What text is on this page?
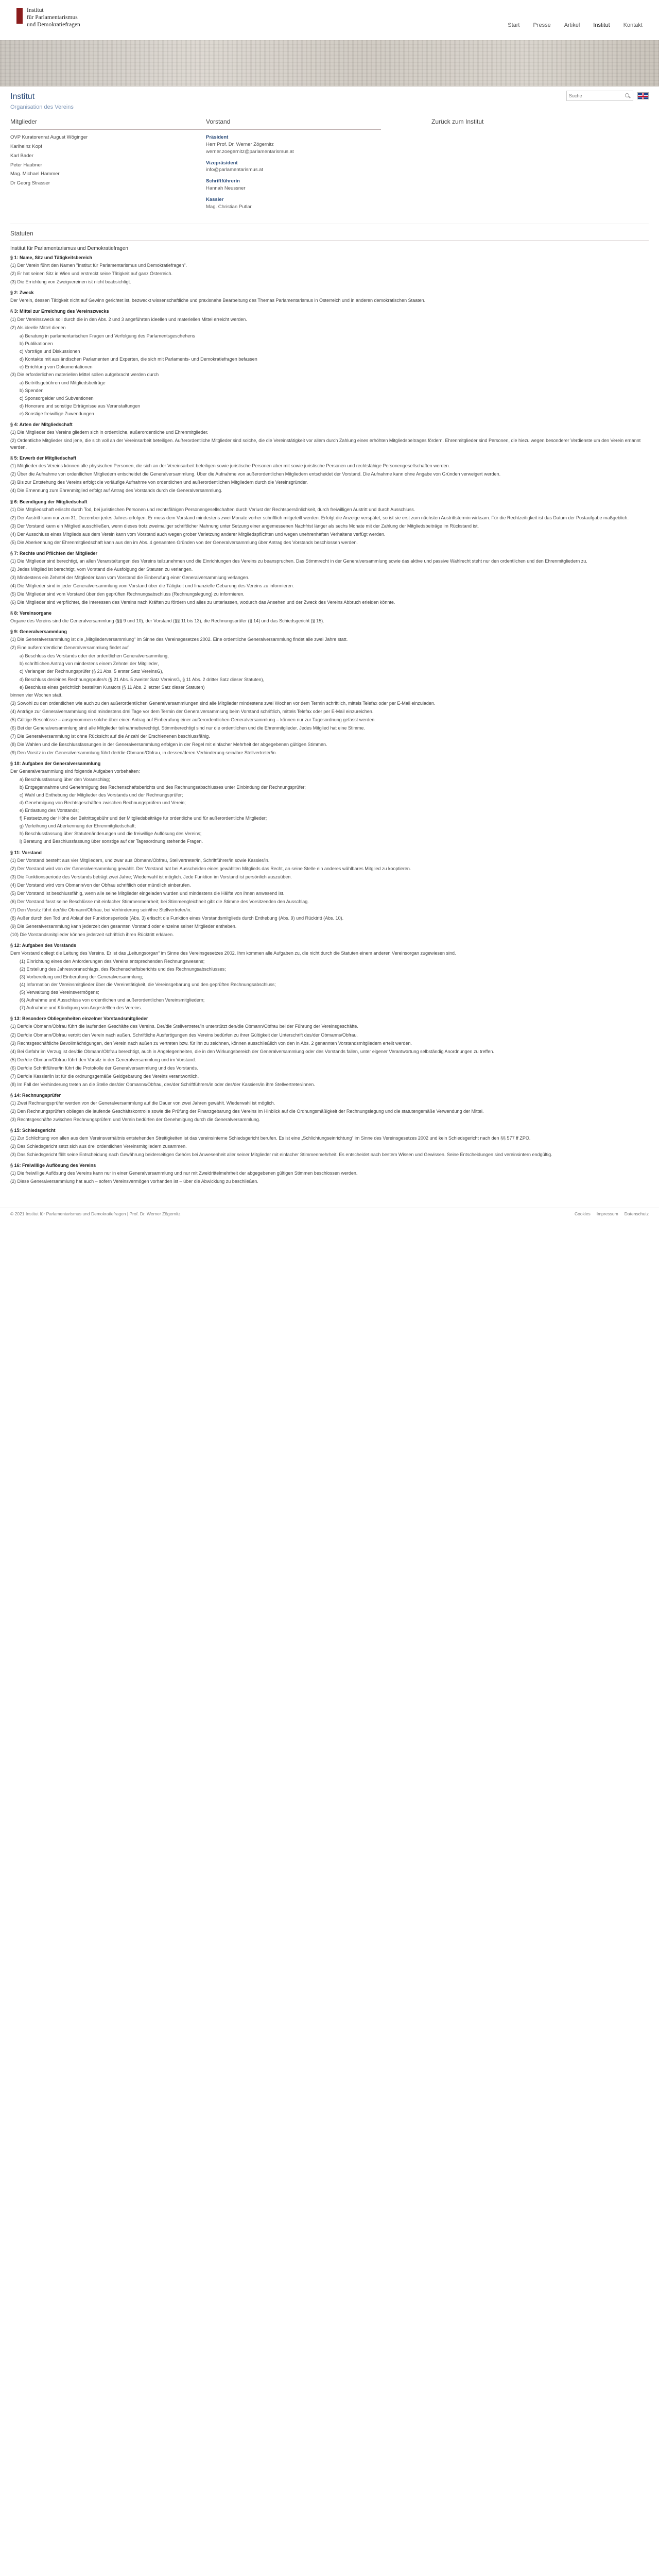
Institut
für Parlamentarismus
und Demokratiefragen	Start Presse Artikel Institut Kontakt
Institut
Organisation des Vereins
Suche
Mitglieder
OVP Kuratorenrat August Wöginger
Karlheinz Kopf
Karl Bader
Peter Haubner
Mag. Michael Hammer
Dr Georg Strasser
Vorstand
Präsident
Herr Prof. Dr. Werner Zögernitz
werner.zoegernitz@parlamentarismus.at
Vizepräsident
info@parlamentarismus.at
Schriftführerin
Hannah Neussner
Kassier
Mag. Christian Putlar
Zurück zum Institut
Statuten
Institut für Parlamentarismus und Demokratiefragen
§ 1: Name, Sitz und Tätigkeitsbereich
(1) Der Verein führt den Namen "Institut für Parlamentarismus und Demokratiefragen".
(2) Er hat seinen Sitz in Wien und erstreckt seine Tätigkeit auf ganz Österreich.
(3) Die Errichtung von Zweigvereinen ist nicht beabsichtigt.
§ 2: Zweck
Der Verein, dessen Tätigkeit nicht auf Gewinn gerichtet ist, bezweckt wissenschaftliche und praxisnahe Bearbeitung des Themas Parlamentarismus in Österreich und in anderen demokratischen Staaten.
§ 3: Mittel zur Erreichung des Vereinszwecks
(1) Der Vereinszweck soll durch die in den Abs. 2 und 3 angeführten ideellen und materiellen Mittel erreicht werden.
(2) Als ideelle Mittel dienen
a) Beratung in parlamentarischen Fragen und Verfolgung des Parlamentsgeschehens
b) Publikationen
c) Vorträge und Diskussionen
d) Kontakte mit ausländischen Parlamenten und Experten, die sich mit Parlaments- und Demokratiefragen befassen
e) Errichtung von Dokumentationen
(3) Die erforderlichen materiellen Mittel sollen aufgebracht werden durch
a) Beitrittsgebühren und Mitgliedsbeiträge
b) Spenden
c) Sponsorgelder und Subventionen
d) Honorare und sonstige Erträgnisse aus Veranstaltungen
e) Sonstige freiwillige Zuwendungen
§ 4: Arten der Mitgliedschaft
(1) Die Mitglieder des Vereins gliedern sich in ordentliche, außerordentliche und Ehrenmitglieder.
(2) Ordentliche Mitglieder sind jene, die sich voll an der Vereinsarbeit beteiligen. Außerordentliche Mitglieder sind solche, die die Vereinstätigkeit vor allem durch Zahlung eines erhöhten Mitgliedsbeitrages fördern. Ehrenmitglieder sind Personen, die hiezu wegen besonderer Verdienste um den Verein ernannt werden.
§ 5: Erwerb der Mitgliedschaft
(1) Mitglieder des Vereins können alle physischen Personen, die sich an der Vereinsarbeit beteiligen sowie juristische Personen aber mit sowie juristische Personen und rechtsfähige Personengesellschaften werden.
(2) Über die Aufnahme von ordentlichen Mitgliedern entscheidet die Generalversammlung. Über die Aufnahme von außerordentlichen Mitgliedern entscheidet der Vorstand. Die Aufnahme kann ohne Angabe von Gründen verweigert werden.
(3) Bis zur Entstehung des Vereins erfolgt die vorläufige Aufnahme von ordentlichen und außerordentlichen Mitgliedern durch die Vereinsgründer.
(4) Die Ernennung zum Ehrenmitglied erfolgt auf Antrag des Vorstands durch die Generalversammlung.
§ 6: Beendigung der Mitgliedschaft
(1) Die Mitgliedschaft erlischt durch Tod, bei juristischen Personen und rechtsfähigen Personengesellschaften durch Verlust der Rechtspersönlichkeit, durch freiwilligen Austritt und durch Ausschluss.
(2) Der Austritt kann nur zum 31. Dezember jedes Jahres erfolgen. Er muss dem Vorstand mindestens zwei Monate vorher schriftlich mitgeteilt werden. Erfolgt die Anzeige verspätet, so ist sie erst zum nächsten Austrittstermin wirksam. Für die Rechtzeitigkeit ist das Datum der Postaufgabe maßgeblich.
(3) Der Vorstand kann ein Mitglied ausschließen, wenn dieses trotz zweimaliger schriftlicher Mahnung unter Setzung einer angemessenen Nachfrist länger als sechs Monate mit der Zahlung der Mitgliedsbeiträge im Rückstand ist.
(4) Der Ausschluss eines Mitglieds aus dem Verein kann vom Vorstand auch wegen grober Verletzung anderer Mitgliedspflichten und wegen unehrenhaften Verhaltens verfügt werden.
(5) Die Aberkennung der Ehrenmitgliedschaft kann aus den im Abs. 4 genannten Gründen von der Generalversammlung über Antrag des Vorstands beschlossen werden.
§ 7: Rechte und Pflichten der Mitglieder
(1) Die Mitglieder sind berechtigt, an allen Veranstaltungen des Vereins teilzunehmen und die Einrichtungen des Vereins zu beanspruchen. Das Stimmrecht in der Generalversammlung sowie das aktive und passive Wahlrecht steht nur den ordentlichen und den Ehrenmitgliedern zu.
(2) Jedes Mitglied ist berechtigt, vom Vorstand die Ausfolgung der Statuten zu verlangen.
(3) Mindestens ein Zehntel der Mitglieder kann vom Vorstand die Einberufung einer Generalversammlung verlangen.
(4) Die Mitglieder sind in jeder Generalversammlung vom Vorstand über die Tätigkeit und finanzielle Gebarung des Vereins zu informieren.
(5) Die Mitglieder sind vom Vorstand über den geprüften Rechnungsabschluss (Rechnungslegung) zu informieren.
(6) Die Mitglieder sind verpflichtet, die Interessen des Vereins nach Kräften zu fördern und alles zu unterlassen, wodurch das Ansehen und der Zweck des Vereins Abbruch erleiden könnte.
§ 8: Vereinsorgane
Organe des Vereins sind die Generalversammlung (§§ 9 und 10), der Vorstand (§§ 11 bis 13), die Rechnungsprüfer (§ 14) und das Schiedsgericht (§ 15).
§ 9: Generalversammlung
(1) Die Generalversammlung ist die „Mitgliederversammlung“ im Sinne des Vereinsgesetzes 2002. Eine ordentliche Generalversammlung findet alle zwei Jahre statt.
(2) Eine außerordentliche Generalversammlung findet auf
a) Beschluss des Vorstands oder der ordentlichen Generalversammlung,
b) schriftlichen Antrag von mindestens einem Zehntel der Mitglieder,
c) Verlangen der Rechnungsprüfer (§ 21 Abs. 5 erster Satz VereinsG),
d) Beschluss der/eines Rechnungsprüfer/s (§ 21 Abs. 5 zweiter Satz VereinsG, § 11 Abs. 2 dritter Satz dieser Statuten),
e) Beschluss eines gerichtlich bestellten Kurators (§ 11 Abs. 2 letzter Satz dieser Statuten)
binnen vier Wochen statt.
(3) Sowohl zu den ordentlichen wie auch zu den außerordentlichen Generalversammlungen sind alle Mitglieder mindestens zwei Wochen vor dem Termin schriftlich, mittels Telefax oder per E-Mail einzuladen.
(4) Anträge zur Generalversammlung sind mindestens drei Tage vor dem Termin der Generalversammlung beim Vorstand schriftlich, mittels Telefax oder per E-Mail einzureichen.
(5) Gültige Beschlüsse – ausgenommen solche über einen Antrag auf Einberufung einer außerordentlichen Generalversammlung – können nur zur Tagesordnung gefasst werden.
(6) Bei der Generalversammlung sind alle Mitglieder teilnahmeberechtigt. Stimmberechtigt sind nur die ordentlichen und die Ehrenmitglieder. Jedes Mitglied hat eine Stimme.
(7) Die Generalversammlung ist ohne Rücksicht auf die Anzahl der Erschienenen beschlussfähig.
(8) Die Wahlen und die Beschlussfassungen in der Generalversammlung erfolgen in der Regel mit einfacher Mehrheit der abgegebenen gültigen Stimmen.
(9) Den Vorsitz in der Generalversammlung führt der/die Obmann/Obfrau, in dessen/deren Verhinderung sein/ihre Stellvertreter/in.
§ 10: Aufgaben der Generalversammlung
Der Generalversammlung sind folgende Aufgaben vorbehalten:
a) Beschlussfassung über den Voranschlag;
b) Entgegennahme und Genehmigung des Rechenschaftsberichts und des Rechnungsabschlusses unter Einbindung der Rechnungsprüfer;
c) Wahl und Enthebung der Mitglieder des Vorstands und der Rechnungsprüfer;
d) Genehmigung von Rechtsgeschäften zwischen Rechnungsprüfern und Verein;
e) Entlastung des Vorstands;
f) Festsetzung der Höhe der Beitrittsgebühr und der Mitgliedsbeiträge für ordentliche und für außerordentliche Mitglieder;
g) Verleihung und Aberkennung der Ehrenmitgliedschaft;
h) Beschlussfassung über Statutenänderungen und die freiwillige Auflösung des Vereins;
i) Beratung und Beschlussfassung über sonstige auf der Tagesordnung stehende Fragen.
§ 11: Vorstand
(1) Der Vorstand besteht aus vier Mitgliedern, und zwar aus Obmann/Obfrau, Stellvertreter/in, Schriftführer/in sowie Kassier/in.
(2) Der Vorstand wird von der Generalversammlung gewählt. Der Vorstand hat bei Ausscheiden eines gewählten Mitglieds das Recht, an seine Stelle ein anderes wählbares Mitglied zu kooptieren.
(3) Die Funktionsperiode des Vorstands beträgt zwei Jahre; Wiederwahl ist möglich. Jede Funktion im Vorstand ist persönlich auszuüben.
(4) Der Vorstand wird vom Obmann/von der Obfrau schriftlich oder mündlich einberufen.
(5) Der Vorstand ist beschlussfähig, wenn alle seine Mitglieder eingeladen wurden und mindestens die Hälfte von ihnen anwesend ist.
(6) Der Vorstand fasst seine Beschlüsse mit einfacher Stimmenmehrheit; bei Stimmengleichheit gibt die Stimme des Vorsitzenden den Ausschlag.
(7) Den Vorsitz führt der/die Obmann/Obfrau, bei Verhinderung sein/ihre Stellvertreter/in.
(8) Außer durch den Tod und Ablauf der Funktionsperiode (Abs. 3) erlischt die Funktion eines Vorstandsmitglieds durch Enthebung (Abs. 9) und Rücktritt (Abs. 10).
(9) Die Generalversammlung kann jederzeit den gesamten Vorstand oder einzelne seiner Mitglieder entheben.
(10) Die Vorstandsmitglieder können jederzeit schriftlich ihren Rücktritt erklären.
§ 12: Aufgaben des Vorstands
Dem Vorstand obliegt die Leitung des Vereins. Er ist das „Leitungsorgan“ im Sinne des Vereinsgesetzes 2002. Ihm kommen alle Aufgaben zu, die nicht durch die Statuten einem anderen Vereinsorgan zugewiesen sind.
(1) Einrichtung eines den Anforderungen des Vereins entsprechenden Rechnungswesens;
(2) Erstellung des Jahresvoranschlags, des Rechenschaftsberichts und des Rechnungsabschlusses;
(3) Vorbereitung und Einberufung der Generalversammlung;
(4) Information der Vereinsmitglieder über die Vereinstätigkeit, die Vereinsgebarung und den geprüften Rechnungsabschluss;
(5) Verwaltung des Vereinsvermögens;
(6) Aufnahme und Ausschluss von ordentlichen und außerordentlichen Vereinsmitgliedern;
(7) Aufnahme und Kündigung von Angestellten des Vereins.
§ 13: Besondere Obliegenheiten einzelner Vorstandsmitglieder
(1) Der/die Obmann/Obfrau führt die laufenden Geschäfte des Vereins. Der/die Stellvertreter/in unterstützt den/die Obmann/Obfrau bei der Führung der Vereinsgeschäfte.
(2) Der/die Obmann/Obfrau vertritt den Verein nach außen. Schriftliche Ausfertigungen des Vereins bedürfen zu ihrer Gültigkeit der Unterschrift des/der Obmanns/Obfrau.
(3) Rechtsgeschäftliche Bevollmächtigungen, den Verein nach außen zu vertreten bzw. für ihn zu zeichnen, können ausschließlich von den in Abs. 2 genannten Vorstandsmitgliedern erteilt werden.
(4) Bei Gefahr im Verzug ist der/die Obmann/Obfrau berechtigt, auch in Angelegenheiten, die in den Wirkungsbereich der Generalversammlung oder des Vorstands fallen, unter eigener Verantwortung selbständig Anordnungen zu treffen.
(5) Der/die Obmann/Obfrau führt den Vorsitz in der Generalversammlung und im Vorstand.
(6) Der/die Schriftführer/in führt die Protokolle der Generalversammlung und des Vorstands.
(7) Der/die Kassier/in ist für die ordnungsgemäße Geldgebarung des Vereins verantwortlich.
(8) Im Fall der Verhinderung treten an die Stelle des/der Obmanns/Obfrau, des/der Schriftführers/in oder des/der Kassiers/in ihre Stellvertreter/innen.
§ 14: Rechnungsprüfer
(1) Zwei Rechnungsprüfer werden von der Generalversammlung auf die Dauer von zwei Jahren gewählt. Wiederwahl ist möglich.
(2) Den Rechnungsprüfern obliegen die laufende Geschäftskontrolle sowie die Prüfung der Finanzgebarung des Vereins im Hinblick auf die Ordnungsmäßigkeit der Rechnungslegung und die statutengemäße Verwendung der Mittel.
(3) Rechtsgeschäfte zwischen Rechnungsprüfern und Verein bedürfen der Genehmigung durch die Generalversammlung.
§ 15: Schiedsgericht
(1) Zur Schlichtung von allen aus dem Vereinsverhältnis entstehenden Streitigkeiten ist das vereinsinterne Schiedsgericht berufen. Es ist eine „Schlichtungseinrichtung“ im Sinne des Vereinsgesetzes 2002 und kein Schiedsgericht nach den §§ 577 ff ZPO.
(2) Das Schiedsgericht setzt sich aus drei ordentlichen Vereinsmitgliedern zusammen.
(3) Das Schiedsgericht fällt seine Entscheidung nach Gewährung beiderseitigen Gehörs bei Anwesenheit aller seiner Mitglieder mit einfacher Stimmenmehrheit. Es entscheidet nach bestem Wissen und Gewissen. Seine Entscheidungen sind vereinsintern endgültig.
§ 16: Freiwillige Auflösung des Vereins
(1) Die freiwillige Auflösung des Vereins kann nur in einer Generalversammlung und nur mit Zweidrittelmehrheit der abgegebenen gültigen Stimmen beschlossen werden.
(2) Diese Generalversammlung hat auch – sofern Vereinsvermögen vorhanden ist – über die Abwicklung zu beschließen.
© 2021 Institut für Parlamentarismus und Demokratiefragen | Prof. Dr. Werner Zögernitz	Cookies Impressum Datenschutz
